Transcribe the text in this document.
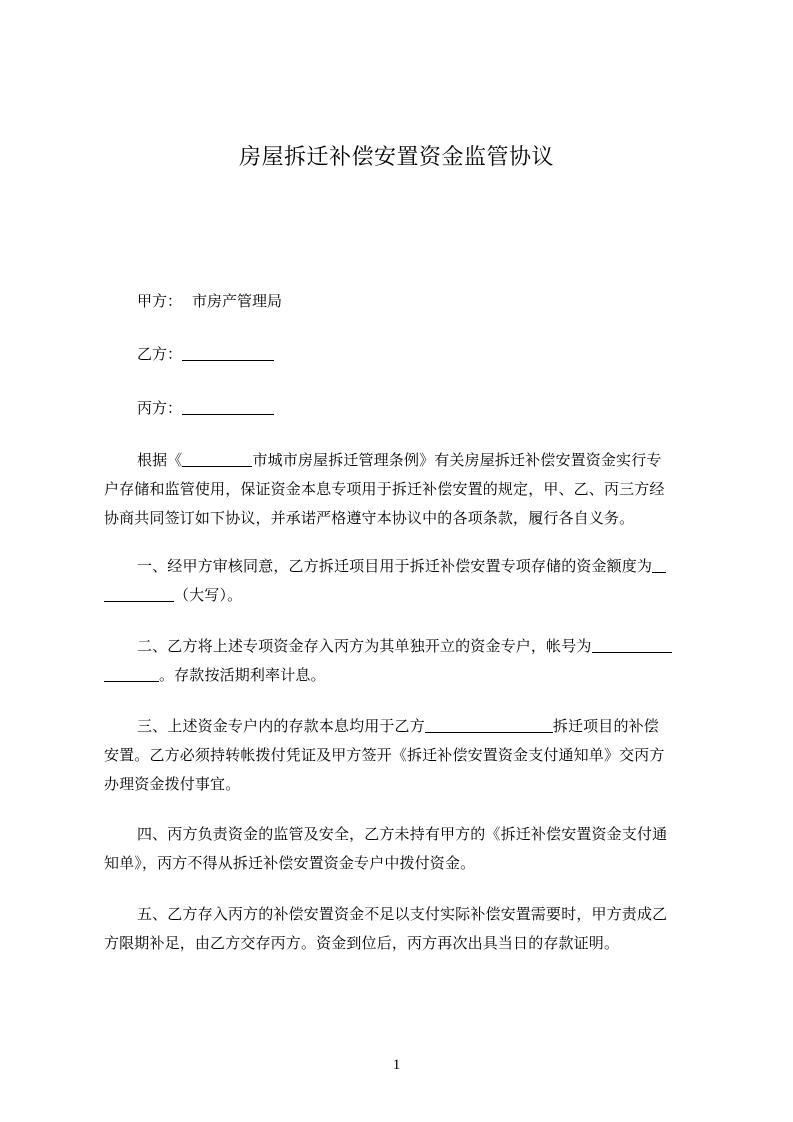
房屋拆迁补偿安置资金监管协议
甲方： 市房产管理局
乙方：
丙方：
根据《	市城市房屋拆迁管理条例》有关房屋拆迁补偿安置资金实行专
户存储和监管使用，保证资金本息专项用于拆迁补偿安置的规定，甲、乙、丙三方经
协商共同签订如下协议，并承诺严格遵守本协议中的各项条款，履行各自义务。
一、经甲方审核同意，乙方拆迁项目用于拆迁补偿安置专项存储的资金额度为
（大写）。
二、乙方将上述专项资金存入丙方为其单独开立的资金专户，帐号为
。存款按活期利率计息。
三、上述资金专户内的存款本息均用于乙方	拆迁项目的补偿
安置。乙方必须持转帐拨付凭证及甲方签开《拆迁补偿安置资金支付通知单》交丙方
办理资金拨付事宜。
四、丙方负责资金的监管及安全，乙方未持有甲方的《拆迁补偿安置资金支付通
知单》，丙方不得从拆迁补偿安置资金专户中拨付资金。
五、乙方存入丙方的补偿安置资金不足以支付实际补偿安置需要时，甲方责成乙
方限期补足，由乙方交存丙方。资金到位后，丙方再次出具当日的存款证明。
1
